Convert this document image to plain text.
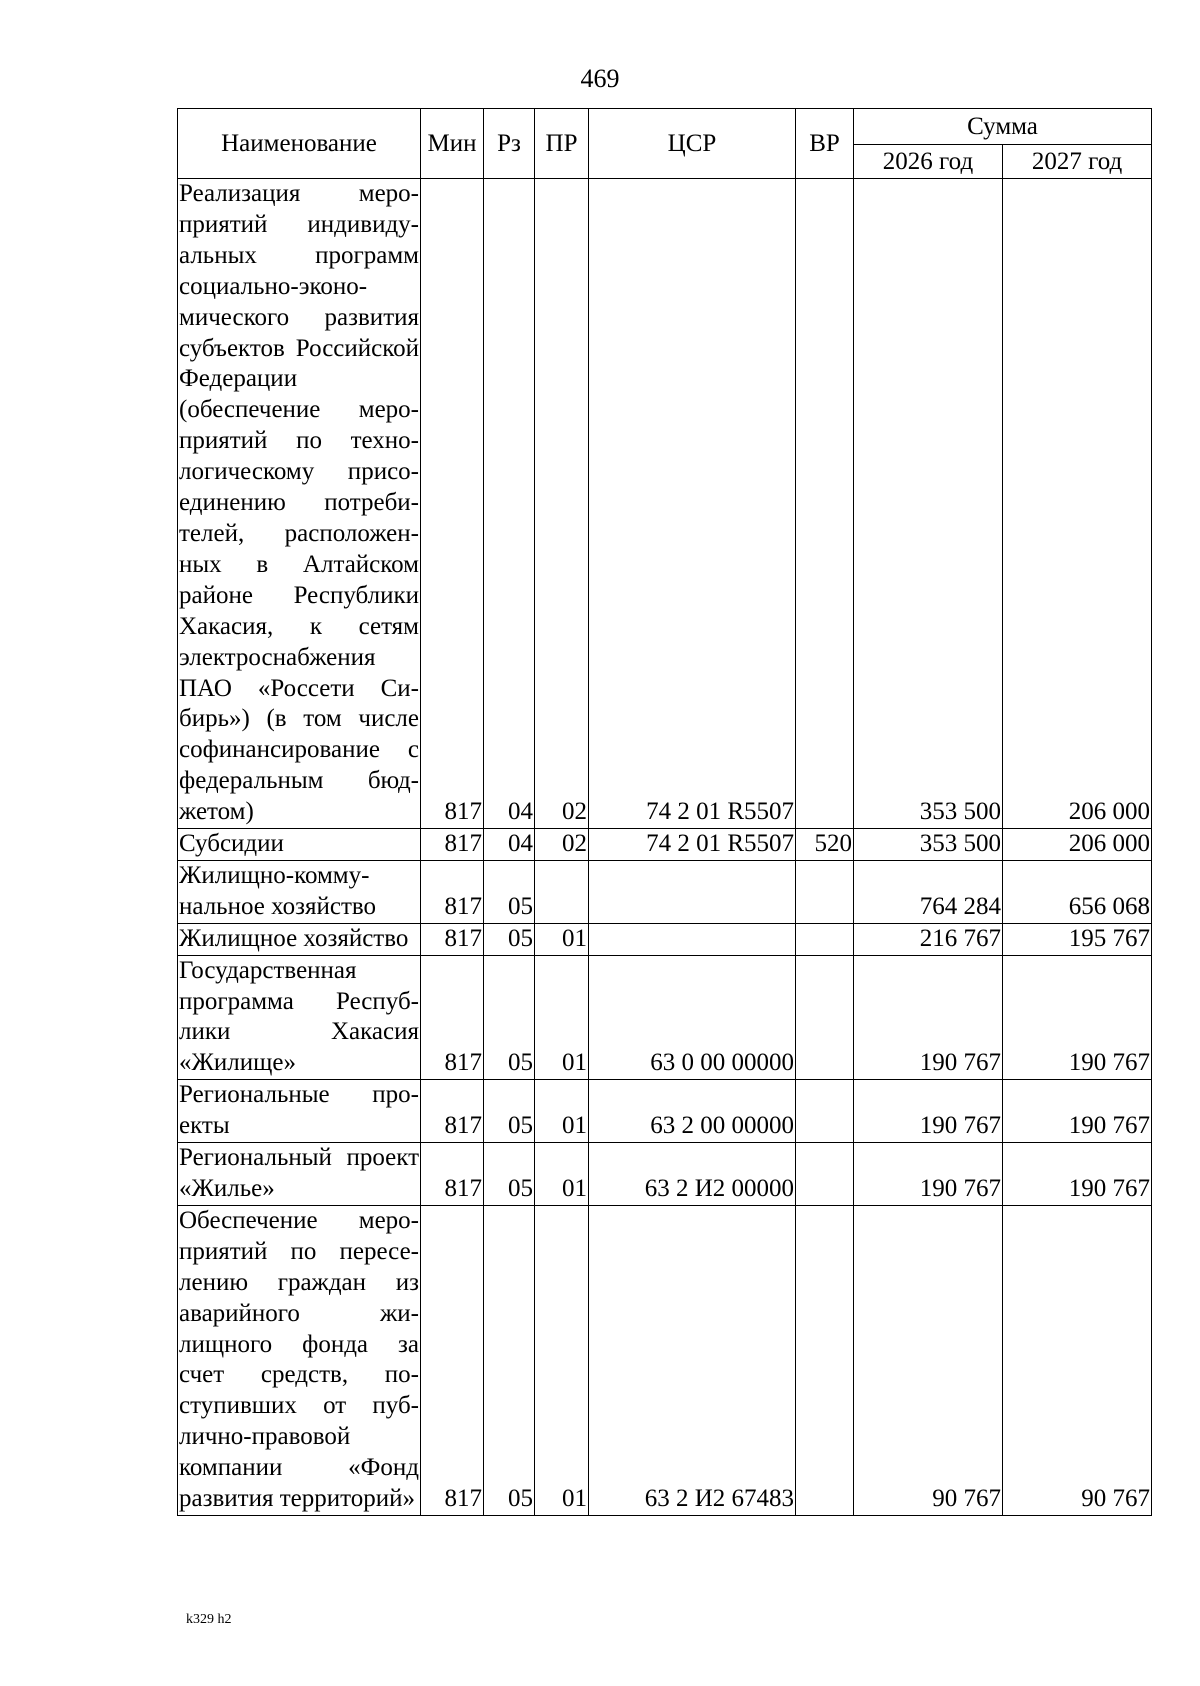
469
Наименование	Мин	Рз	ПР	ЦСР	ВР	Сумма	
						2026 год	2027 год
Реализация мероприятий индивидуальных программ социально-экономического развития субъектов Российской Федерации (обеспечение мероприятий по технологическому присоединению потребителей, расположенных в Алтайском районе Республики Хакасия, к сетям электроснабжения ПАО «Россети Сибирь») (в том числе софинансирование с федеральным бюджетом)	817	04	02	74 2 01 R5507		353 500	206 000
Субсидии	817	04	02	74 2 01 R5507	520	353 500	206 000
Жилищно-коммунальное хозяйство	817	05				764 284	656 068
Жилищное хозяйство	817	05	01			216 767	195 767
Государственная программа Республики Хакасия «Жилище»	817	05	01	63 0 00 00000		190 767	190 767
Региональные проекты	817	05	01	63 2 00 00000		190 767	190 767
Региональный проект «Жилье»	817	05	01	63 2 И2 00000		190 767	190 767
Обеспечение мероприятий по переселению граждан из аварийного жилищного фонда за счет средств, поступивших от публично-правовой компании «Фонд развития территорий»	817	05	01	63 2 И2 67483		90 767	90 767
k329 h2
